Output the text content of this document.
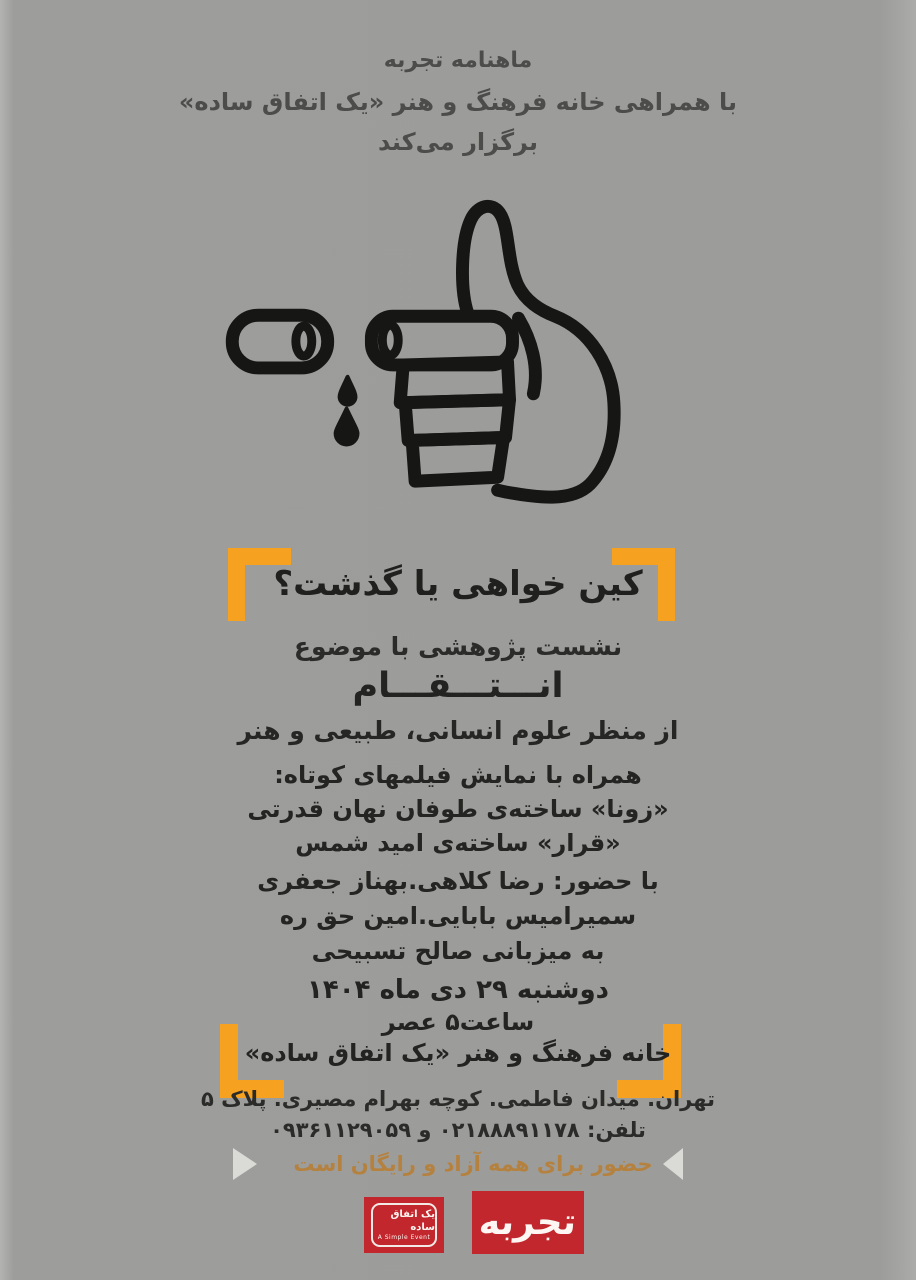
ماهنامه تجربه
با همراهی خانه فرهنگ و هنر «یک اتفاق ساده»
برگزار می‌کند
کین خواهی یا گذشت؟
نشست پژوهشی با موضوع
انـــتـــقـــام
از منظر علوم انسانی، طبیعی و هنر
همراه با نمایش فیلمهای کوتاه:
«زونا» ساخته‌ی طوفان نهان قدرتی
«قرار» ساخته‌ی امید شمس
با حضور: رضا کلاهی.بهناز جعفری
سمیرامیس بابایی.امین حق ره
به میزبانی صالح تسبیحی
دوشنبه ۲۹ دی ماه ۱۴۰۴
ساعت۵ عصر
خانه فرهنگ و هنر «یک اتفاق ساده»
تهران. میدان فاطمی. کوچه بهرام مصیری. پلاک ۵
تلفن: ۰۲۱۸۸۸۹۱۱۷۸ و ۰۹۳۶۱۱۲۹۰۵۹
حضور برای همه آزاد و رایگان است
یک اتفاق ساده
A Simple Event تجربه
